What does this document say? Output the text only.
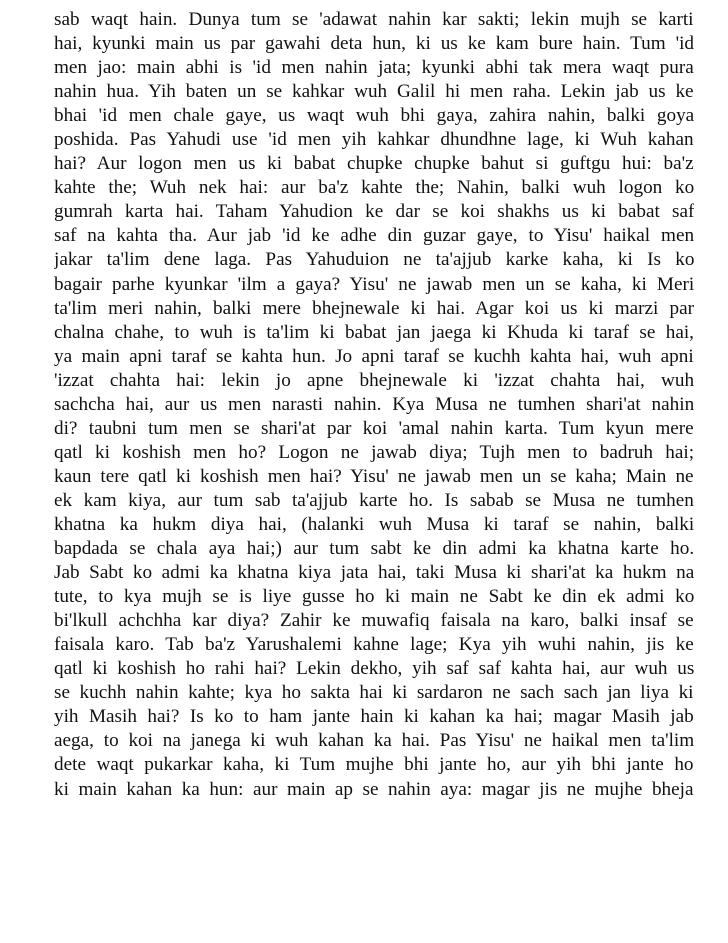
sab waqt hain. Dunya tum se 'adawat nahin kar sakti; lekin mujh se karti
hai, kyunki main us par gawahi deta hun, ki us ke kam bure hain. Tum 'id
men jao: main abhi is 'id men nahin jata; kyunki abhi tak mera waqt pura
nahin hua. Yih baten un se kahkar wuh Galil hi men raha. Lekin jab us ke
bhai 'id men chale gaye, us waqt wuh bhi gaya, zahira nahin, balki goya
poshida. Pas Yahudi use 'id men yih kahkar dhundhne lage, ki Wuh kahan
hai? Aur logon men us ki babat chupke chupke bahut si guftgu hui: ba'z
kahte the; Wuh nek hai: aur ba'z kahte the; Nahin, balki wuh logon ko
gumrah karta hai. Taham Yahudion ke dar se koi shakhs us ki babat saf
saf na kahta tha. Aur jab 'id ke adhe din guzar gaye, to Yisu' haikal men
jakar ta'lim dene laga. Pas Yahuduion ne ta'ajjub karke kaha, ki Is ko
bagair parhe kyunkar 'ilm a gaya? Yisu' ne jawab men un se kaha, ki Meri
ta'lim meri nahin, balki mere bhejnewale ki hai. Agar koi us ki marzi par
chalna chahe, to wuh is ta'lim ki babat jan jaega ki Khuda ki taraf se hai,
ya main apni taraf se kahta hun. Jo apni taraf se kuchh kahta hai, wuh apni
'izzat chahta hai: lekin jo apne bhejnewale ki 'izzat chahta hai, wuh
sachcha hai, aur us men narasti nahin. Kya Musa ne tumhen shari'at nahin
di? taubni tum men se shari'at par koi 'amal nahin karta. Tum kyun mere
qatl ki koshish men ho? Logon ne jawab diya; Tujh men to badruh hai;
kaun tere qatl ki koshish men hai? Yisu' ne jawab men un se kaha; Main ne
ek kam kiya, aur tum sab ta'ajjub karte ho. Is sabab se Musa ne tumhen
khatna ka hukm diya hai, (halanki wuh Musa ki taraf se nahin, balki
bapdada se chala aya hai;) aur tum sabt ke din admi ka khatna karte ho.
Jab Sabt ko admi ka khatna kiya jata hai, taki Musa ki shari'at ka hukm na
tute, to kya mujh se is liye gusse ho ki main ne Sabt ke din ek admi ko
bi'lkull achchha kar diya? Zahir ke muwafiq faisala na karo, balki insaf se
faisala karo. Tab ba'z Yarushalemi kahne lage; Kya yih wuhi nahin, jis ke
qatl ki koshish ho rahi hai? Lekin dekho, yih saf saf kahta hai, aur wuh us
se kuchh nahin kahte; kya ho sakta hai ki sardaron ne sach sach jan liya ki
yih Masih hai? Is ko to ham jante hain ki kahan ka hai; magar Masih jab
aega, to koi na janega ki wuh kahan ka hai. Pas Yisu' ne haikal men ta'lim
dete waqt pukarkar kaha, ki Tum mujhe bhi jante ho, aur yih bhi jante ho
ki main kahan ka hun: aur main ap se nahin aya: magar jis ne mujhe bheja
